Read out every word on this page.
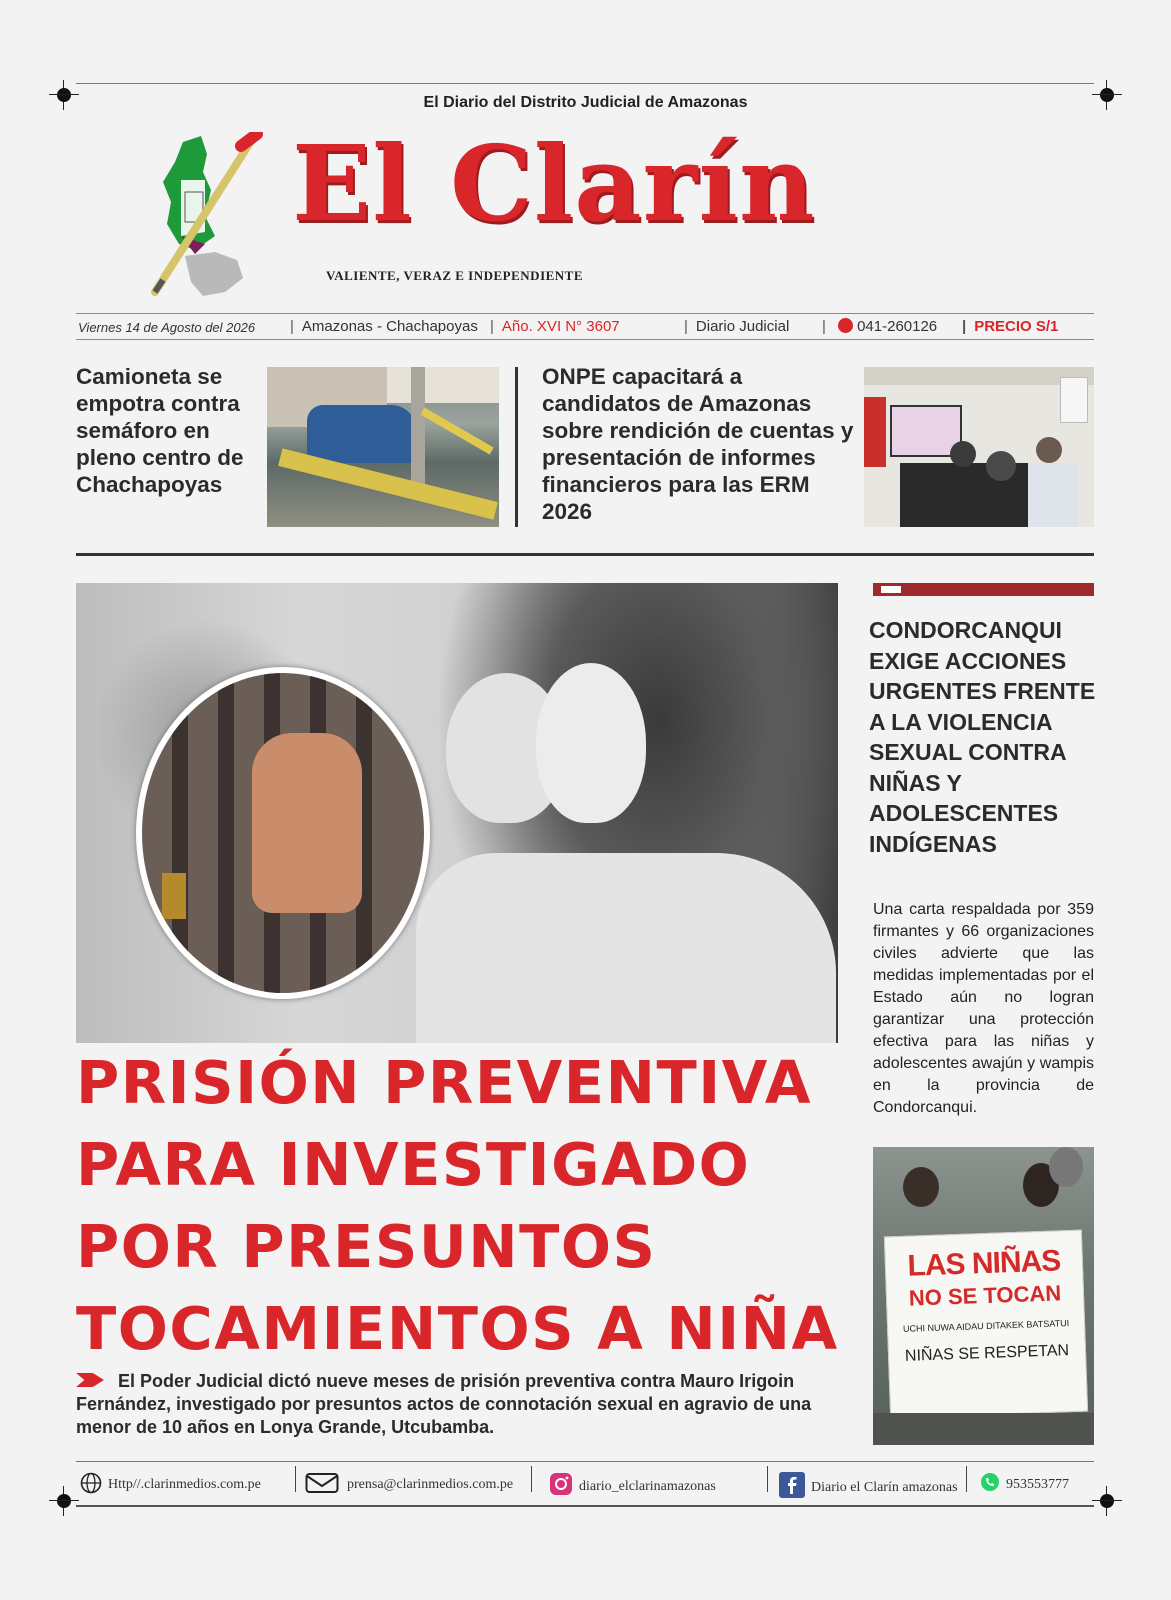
El Diario del Distrito Judicial de Amazonas
El Clarín
VALIENTE, VERAZ E INDEPENDIENTE
Viernes 14 de Agosto del 2026	| Amazonas - Chachapoyas	| Año. XVI N° 3607	| Diario Judicial	| 041-260126	| PRECIO S/1
Camioneta se empotra contra semáforo en pleno centro de Chachapoyas
ONPE capacitará a candidatos de Amazonas sobre rendición de cuentas y presentación de informes financieros para las ERM 2026
PRISIÓN PREVENTIVA
PARA INVESTIGADO
POR PRESUNTOS
TOCAMIENTOS A NIÑA
El Poder Judicial dictó nueve meses de prisión preventiva contra Mauro Irigoin Fernández, investigado por presuntos actos de connotación sexual en agravio de una menor de 10 años en Lonya Grande, Utcubamba.
CONDORCANQUI EXIGE ACCIONES URGENTES FRENTE A LA VIOLENCIA SEXUAL CONTRA NIÑAS Y ADOLESCENTES INDÍGENAS
Una carta respaldada por 359 firmantes y 66 organizaciones civiles advierte que las medidas implementadas por el Estado aún no logran garantizar una protección efectiva para las niñas y adolescentes awajún y wampis en la provincia de Condorcanqui.
LAS NIÑAS
NO SE TOCAN
UCHI NUWA AIDAU DITAKEK BATSATUI
NIÑAS SE RESPETAN
Http//.clarinmedios.com.pe	prensa@clarinmedios.com.pe	diario_elclarinamazonas	Diario el Clarín amazonas	953553777
